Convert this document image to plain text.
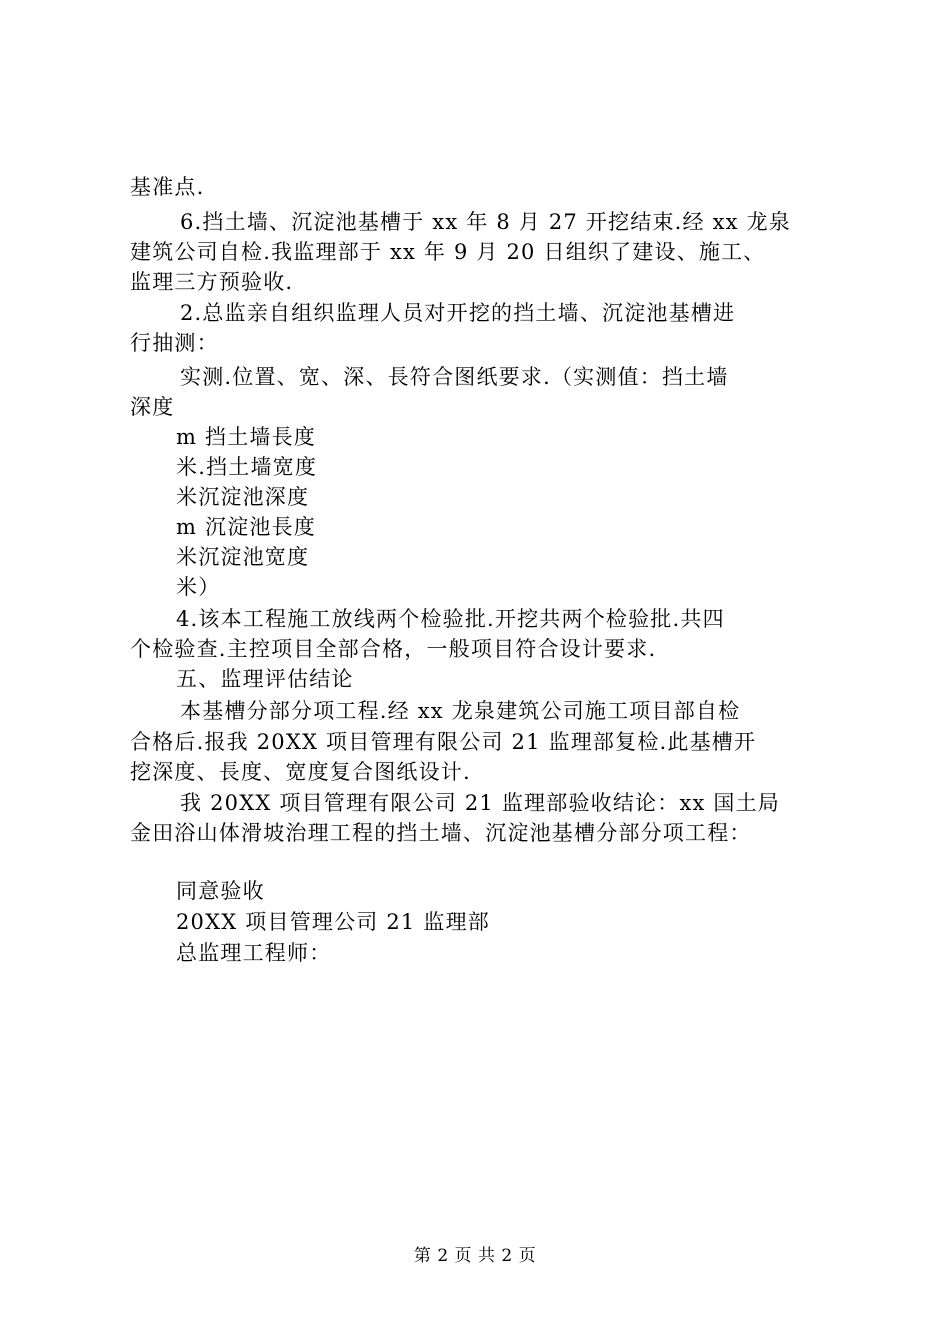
基准点.
6.挡土墙、沉淀池基槽于 xx 年 8 月 27 开挖结束.经 xx 龙泉
建筑公司自检.我监理部于 xx 年 9 月 20 日组织了建设、施工、
监理三方预验收.
2.总监亲自组织监理人员对开挖的挡土墙、沉淀池基槽进
行抽测：
实测.位置、宽、深、長符合图纸要求.（实测值：挡土墙
深度
m 挡土墙長度
米.挡土墙宽度
米沉淀池深度
m 沉淀池長度
米沉淀池宽度
米）
4.该本工程施工放线两个检验批.开挖共两个检验批.共四
个检验查.主控项目全部合格，一般项目符合设计要求.
五、监理评估结论
本基槽分部分项工程.经 xx 龙泉建筑公司施工项目部自检
合格后.报我 20XX 项目管理有限公司 21 监理部复检.此基槽开
挖深度、長度、宽度复合图纸设计.
我 20XX 项目管理有限公司 21 监理部验收结论：xx 国土局
金田浴山体滑坡治理工程的挡土墙、沉淀池基槽分部分项工程：
同意验收
20XX 项目管理公司 21 监理部
总监理工程师：
第 2 页 共 2 页
